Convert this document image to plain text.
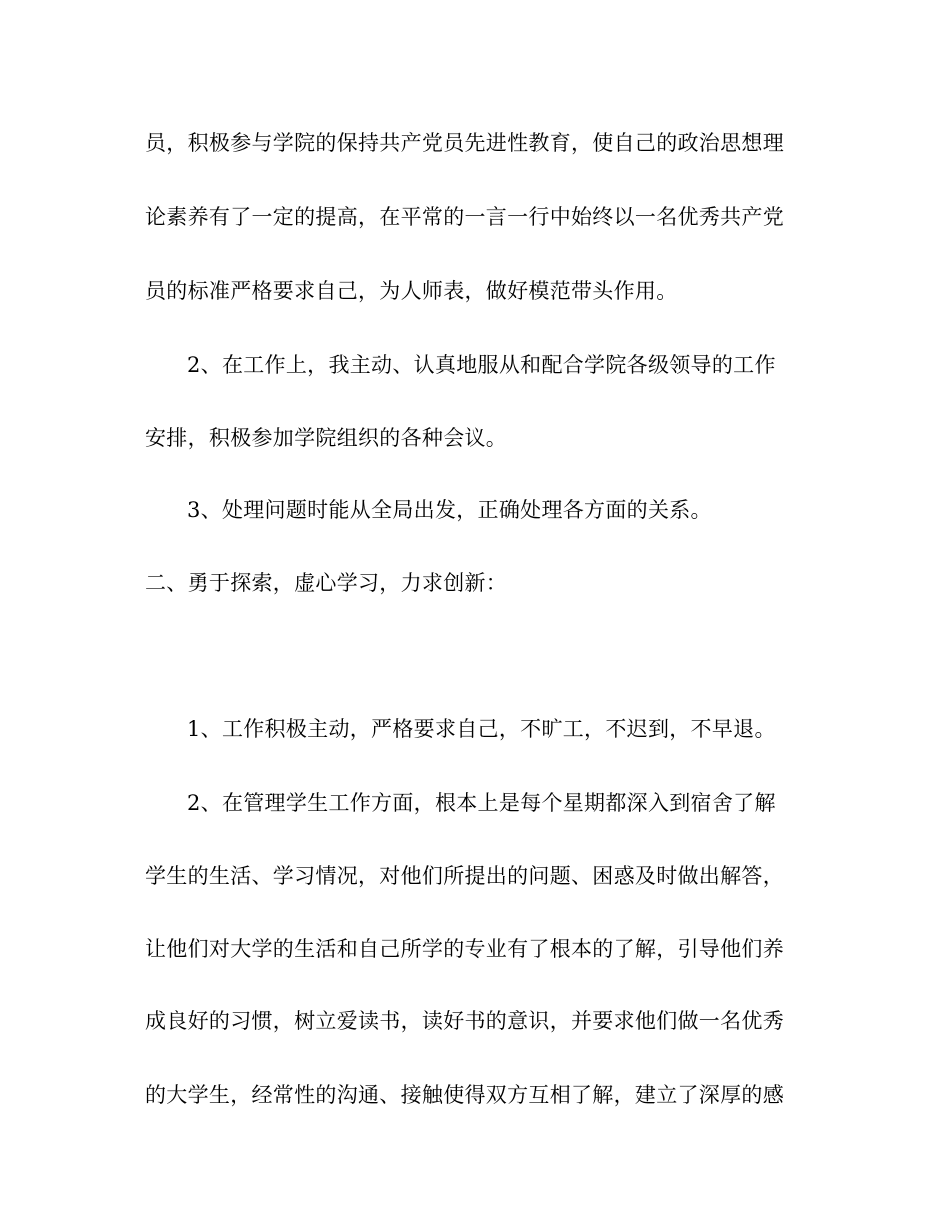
员，积极参与学院的保持共产党员先进性教育，使自己的政治思想理
论素养有了一定的提高，在平常的一言一行中始终以一名优秀共产党
员的标准严格要求自己，为人师表，做好模范带头作用。
2、在工作上，我主动、认真地服从和配合学院各级领导的工作
安排，积极参加学院组织的各种会议。
3、处理问题时能从全局出发，正确处理各方面的关系。
二、勇于探索，虚心学习，力求创新：
1、工作积极主动，严格要求自己，不旷工，不迟到，不早退。
2、在管理学生工作方面，根本上是每个星期都深入到宿舍了解
学生的生活、学习情况，对他们所提出的问题、困惑及时做出解答，
让他们对大学的生活和自己所学的专业有了根本的了解，引导他们养
成良好的习惯，树立爱读书，读好书的意识，并要求他们做一名优秀
的大学生，经常性的沟通、接触使得双方互相了解，建立了深厚的感
